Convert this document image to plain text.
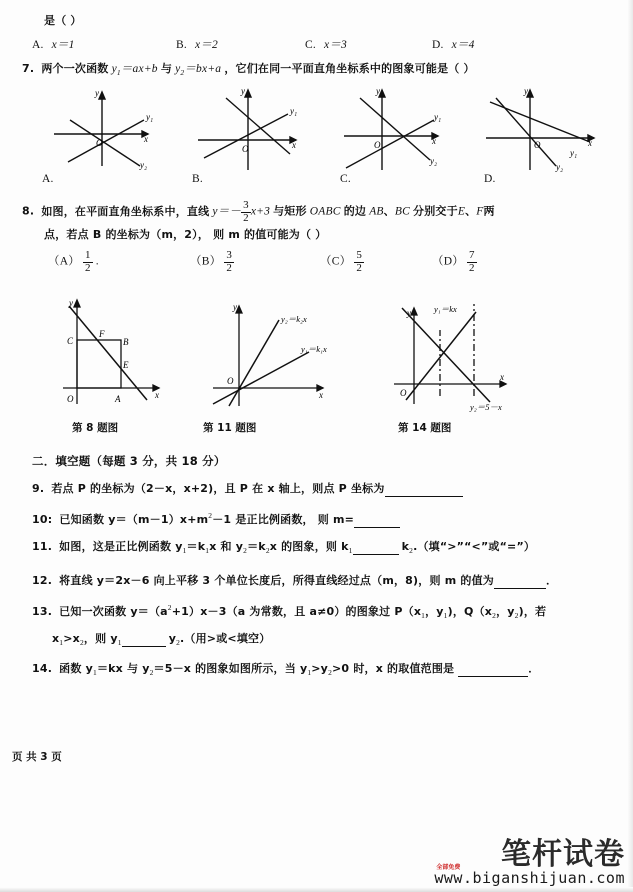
是（ ）
A. x＝1	B. x＝2	C. x＝3	D. x＝4
7. 两个一次函数 $y_1=ax+b$ 与 $y_2=bx+a$ ，它们在同一平面直角坐标系中的图象可能是（ ）
O	x
y
y₁
y₂
A.
O	x
y
y₁
B.
O	x
y
y₁
y₂
C.
O	x
y
y₁
y₂
D.
8. 如图，在平面直角坐标系中，直线 $y=- \frac{3}{2} x+3$ 与矩形 OABC 的边 AB、BC 分别交于E、F两
点，若点 B 的坐标为（m，2）， 则 m 的值可能为（ ）
$(A) \frac{1}{2}$ .	$(B) \frac{3}{2}$	$(C) \frac{5}{2}$	$(D) \frac{7}{2}$
C
F
B
E
O	A	x
y
第 8 题图
O
x
y
y₂＝k₂x
y₁＝k₁x
第 11 题图
O
x
y	y₁＝kx
y₂＝5－x
第 14 题图
二．填空题（每题 3 分，共 18 分）
9. 若点 P 的坐标为（2－x，x+2)，且 P 在 x 轴上，则点 P 坐标为
10: 已知函数 $y=(m-1)x+m^2-1$ 是正比例函数， 则 m=
11. 如图，这是正比例函数 $y_1=k_1x$ 和 $y_2=k_2x$ 的图象，则 $k_1$	$k_2$.（填“>”“<”或“=”）
12. 将直线 y＝2x－6 向上平移 3 个单位长度后，所得直线经过点（m，8)，则 m 的值为	．
13. 已知一次函数 $y=(a^2+1)x-3(a$ 为常数，且 a≠0）的图象过 $P(x_1$，$y_1$)，$Q(x_2$，$y_2$)，若
$x_1>x_2$，则 $y_1$	$y_2$.（用>或<填空）
14. 函数 $y_1=kx$ 与 $y_2=5-x$ 的图象如图所示，当 $y_1>y_2>0$ 时，x 的取值范围是	．
页 共 3 页
笔杆试卷
全部免费
www.biganshijuan.com
